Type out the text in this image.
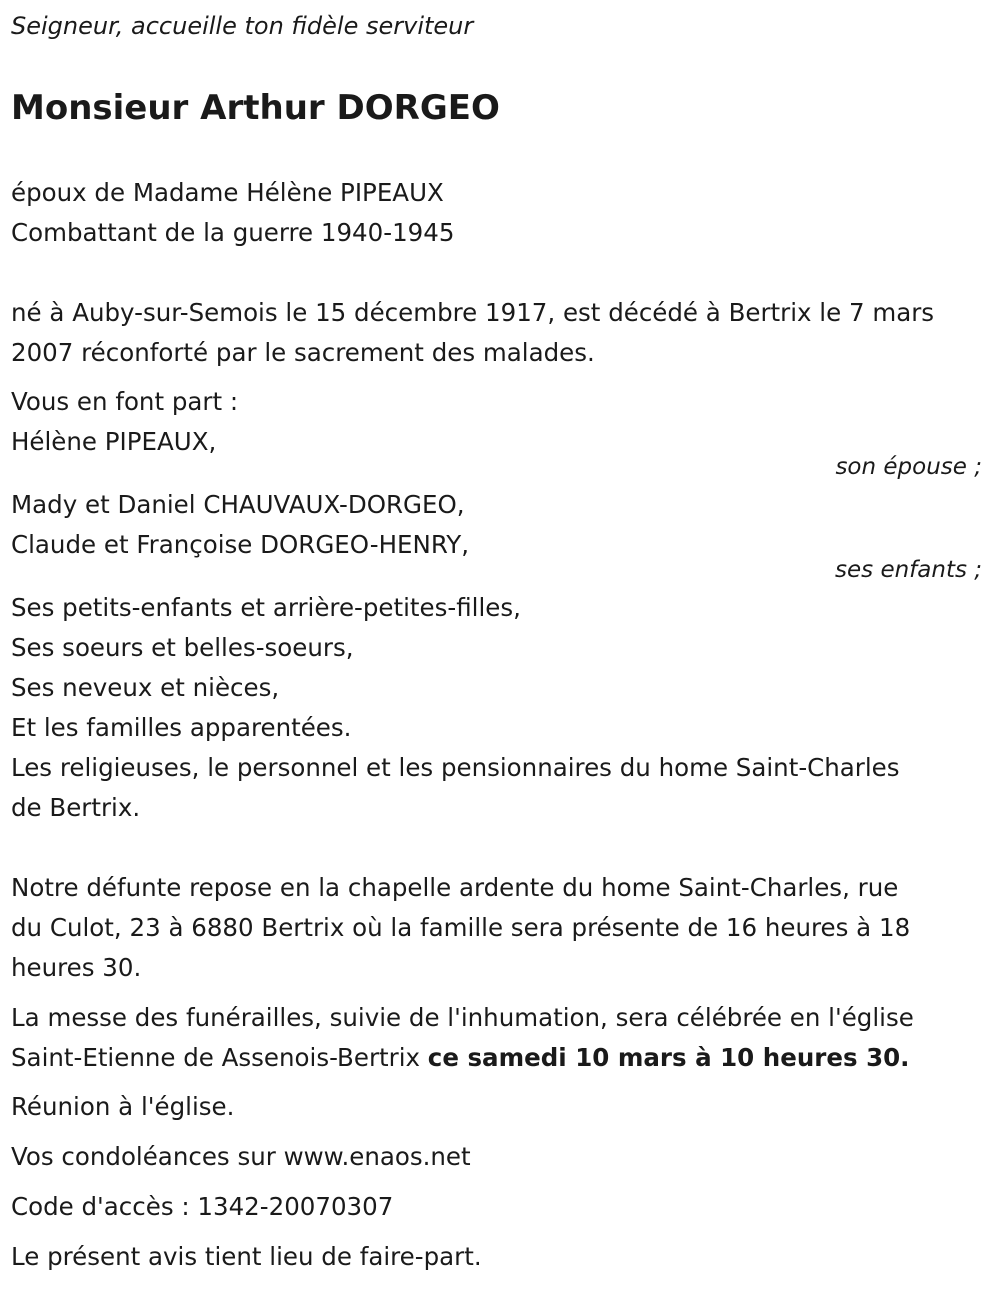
Seigneur, accueille ton fidèle serviteur
Monsieur Arthur DORGEO
époux de Madame Hélène PIPEAUX
Combattant de la guerre 1940-1945
né à Auby-sur-Semois le 15 décembre 1917, est décédé à Bertrix le 7 mars
2007 réconforté par le sacrement des malades.
Vous en font part :
Hélène PIPEAUX,
son épouse ;
Mady et Daniel CHAUVAUX-DORGEO,
Claude et Françoise DORGEO-HENRY,
ses enfants ;
Ses petits-enfants et arrière-petites-filles,
Ses soeurs et belles-soeurs,
Ses neveux et nièces,
Et les familles apparentées.
Les religieuses, le personnel et les pensionnaires du home Saint-Charles
de Bertrix.
Notre défunte repose en la chapelle ardente du home Saint-Charles, rue
du Culot, 23 à 6880 Bertrix où la famille sera présente de 16 heures à 18
heures 30.
La messe des funérailles, suivie de l'inhumation, sera célébrée en l'église
Saint-Etienne de Assenois-Bertrix ce samedi 10 mars à 10 heures 30.
Réunion à l'église.
Vos condoléances sur www.enaos.net
Code d'accès : 1342-20070307
Le présent avis tient lieu de faire-part.
